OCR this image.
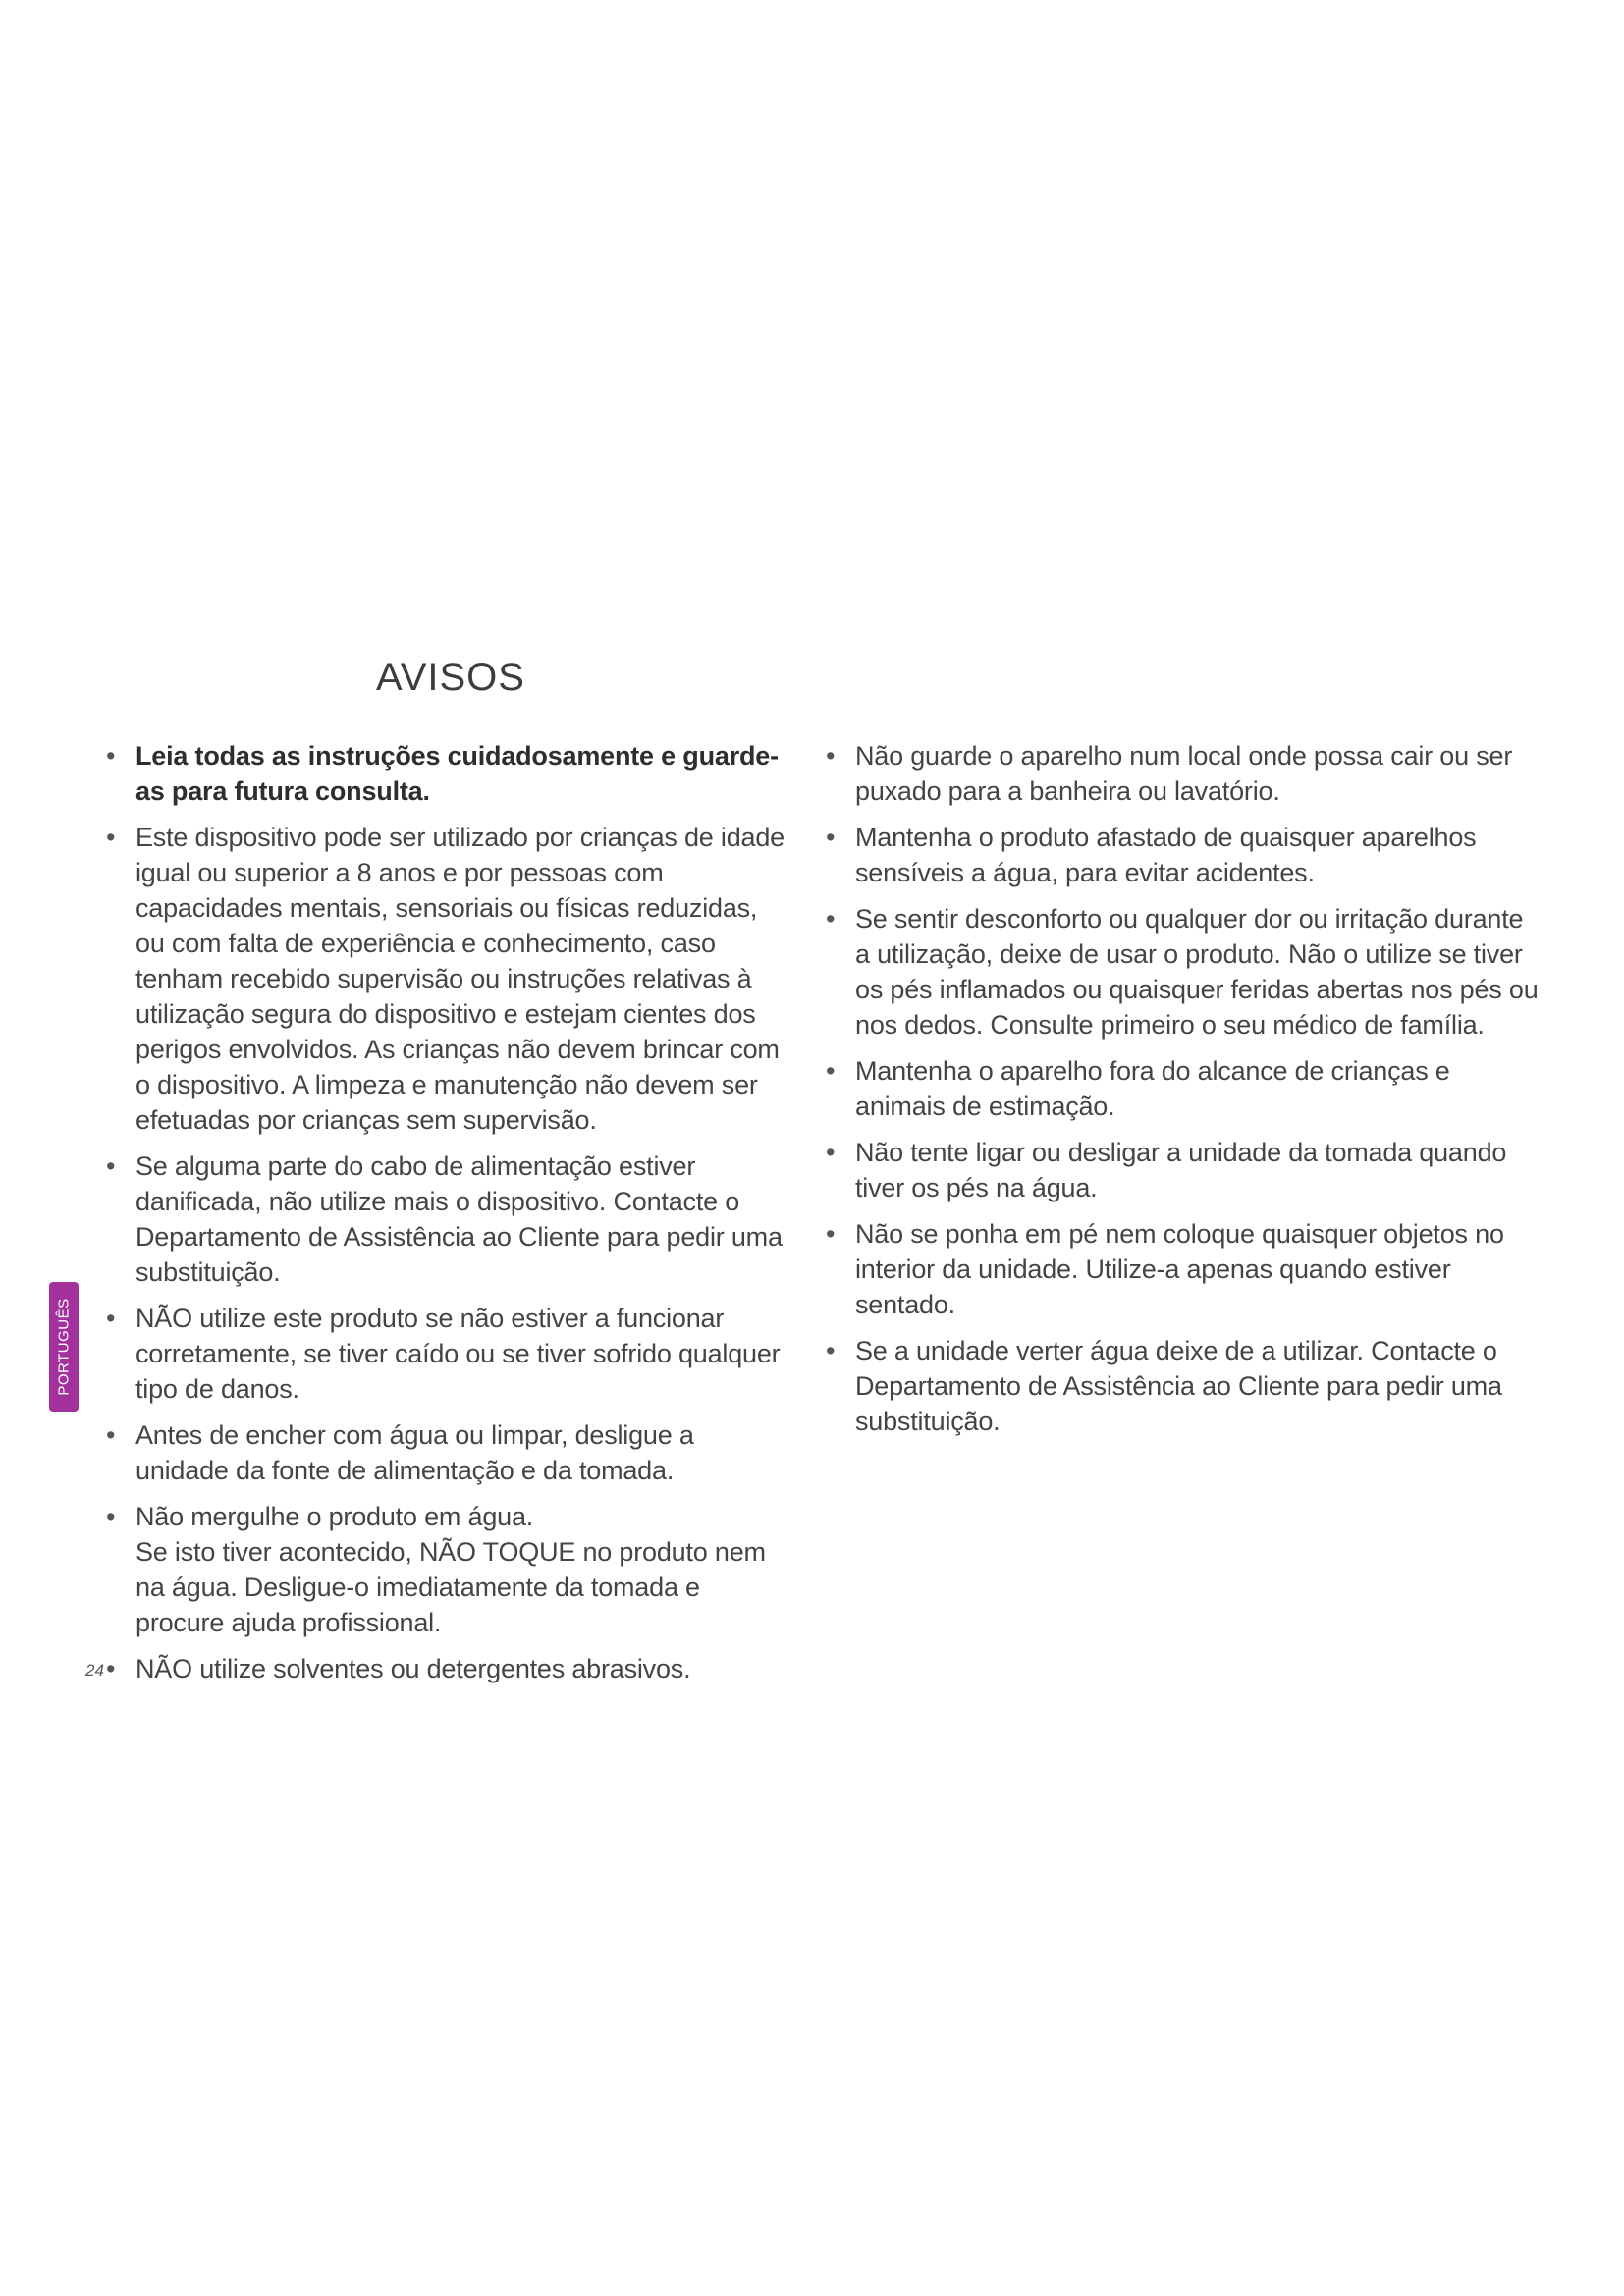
AVISOS
• Leia todas as instruções cuidadosamente e guarde-as para futura consulta.
• Este dispositivo pode ser utilizado por crianças de idade igual ou superior a 8 anos e por pessoas com capacidades mentais, sensoriais ou físicas reduzidas, ou com falta de experiência e conhecimento, caso tenham recebido supervisão ou instruções relativas à utilização segura do dispositivo e estejam cientes dos perigos envolvidos. As crianças não devem brincar com o dispositivo. A limpeza e manutenção não devem ser efetuadas por crianças sem supervisão.
• Se alguma parte do cabo de alimentação estiver danificada, não utilize mais o dispositivo. Contacte o Departamento de Assistência ao Cliente para pedir uma substituição.
• NÃO utilize este produto se não estiver a funcionar corretamente, se tiver caído ou se tiver sofrido qualquer tipo de danos.
• Antes de encher com água ou limpar, desligue a unidade da fonte de alimentação e da tomada.
• Não mergulhe o produto em água.
Se isto tiver acontecido, NÃO TOQUE no produto nem na água. Desligue-o imediatamente da tomada e procure ajuda profissional.
• NÃO utilize solventes ou detergentes abrasivos.
• Não guarde o aparelho num local onde possa cair ou ser puxado para a banheira ou lavatório.
• Mantenha o produto afastado de quaisquer aparelhos sensíveis a água, para evitar acidentes.
• Se sentir desconforto ou qualquer dor ou irritação durante a utilização, deixe de usar o produto. Não o utilize se tiver os pés inflamados ou quaisquer feridas abertas nos pés ou nos dedos. Consulte primeiro o seu médico de família.
• Mantenha o aparelho fora do alcance de crianças e animais de estimação.
• Não tente ligar ou desligar a unidade da tomada quando tiver os pés na água.
• Não se ponha em pé nem coloque quaisquer objetos no interior da unidade. Utilize-a apenas quando estiver sentado.
• Se a unidade verter água deixe de a utilizar. Contacte o Departamento de Assistência ao Cliente para pedir uma substituição.
PORTUGUÊS
24
